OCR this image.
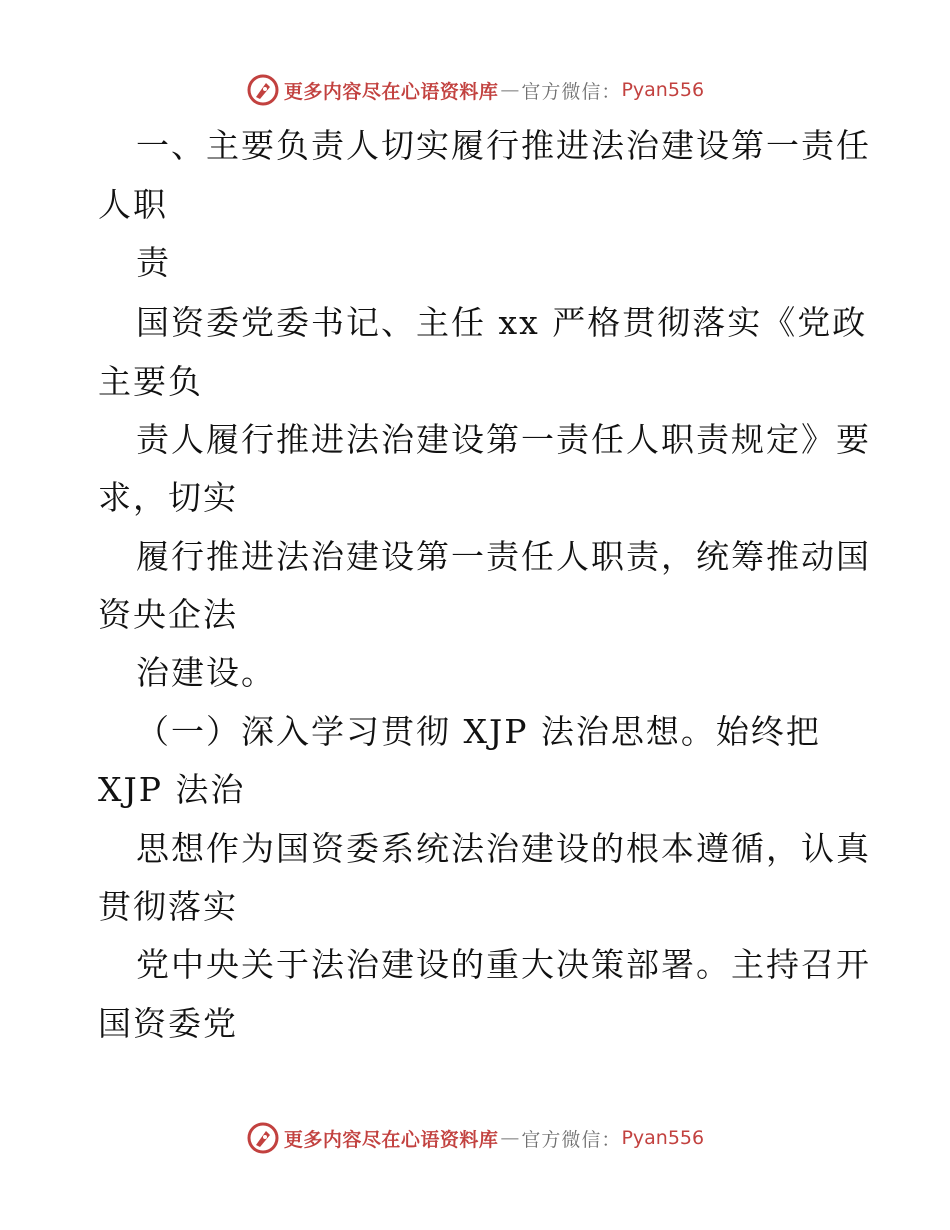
更多内容尽在心语资料库 — 官方微信： Pyan556
一、主要负责人切实履行推进法治建设第一责任
人职
责
国资委党委书记、主任 xx 严格贯彻落实《党政
主要负
责人履行推进法治建设第一责任人职责规定》要
求，切实
履行推进法治建设第一责任人职责，统筹推动国
资央企法
治建设。
（一）深入学习贯彻 XJP 法治思想。始终把
XJP 法治
思想作为国资委系统法治建设的根本遵循，认真
贯彻落实
党中央关于法治建设的重大决策部署。主持召开
国资委党
更多内容尽在心语资料库 — 官方微信： Pyan556
